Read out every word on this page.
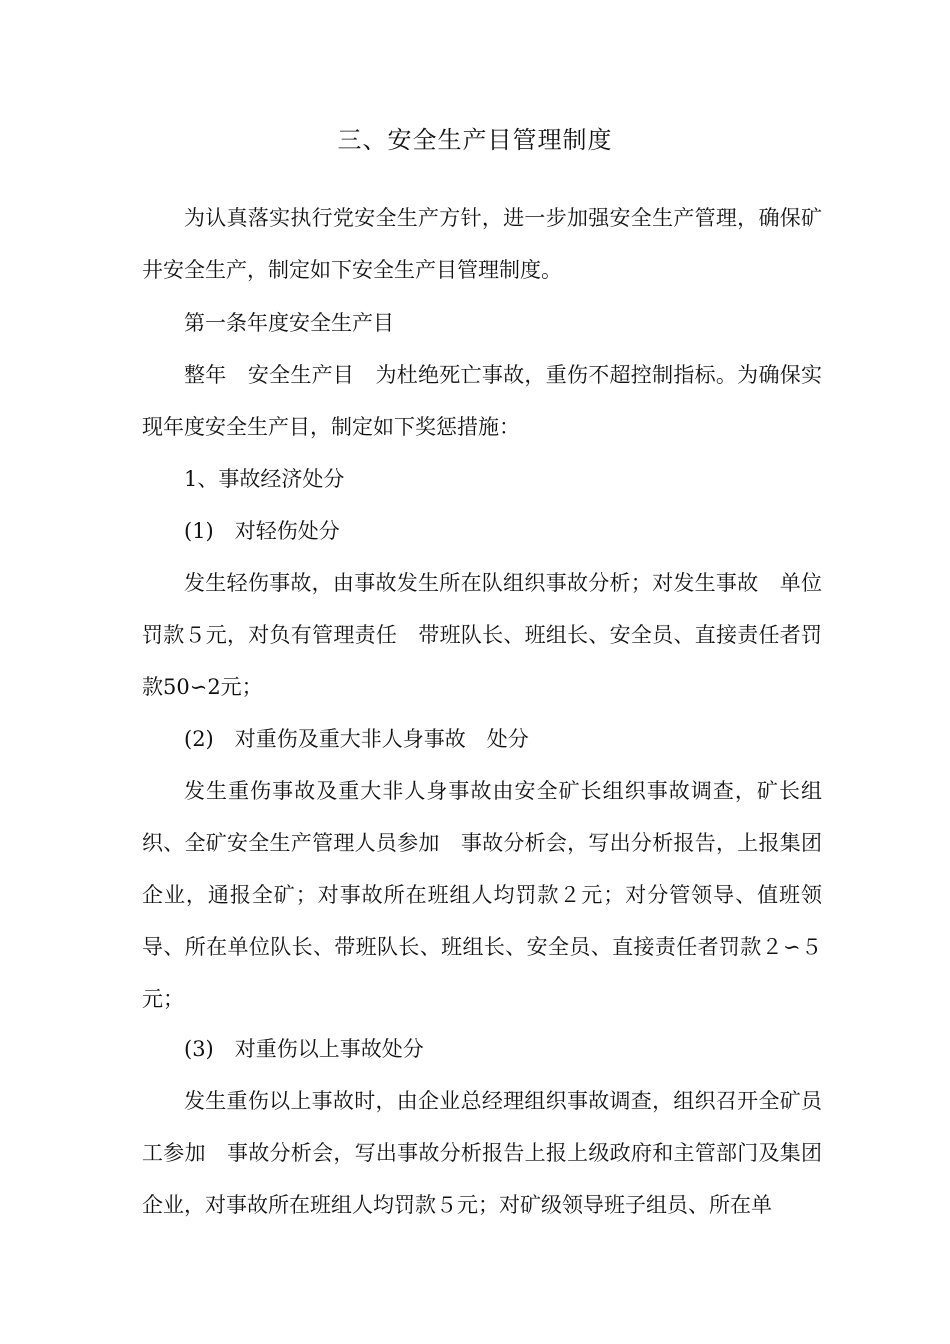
三、安全生产目管理制度

为认真落实执行党安全生产方针，进一步加强安全生产管理，确保矿井安全生产，制定如下安全生产目管理制度。

第一条年度安全生产目

整年　安全生产目　为杜绝死亡事故，重伤不超控制指标。为确保实现年度安全生产目，制定如下奖惩措施：

1、事故经济处分

(1)　对轻伤处分

发生轻伤事故，由事故发生所在队组织事故分析；对发生事故　单位罚款５元，对负有管理责任　带班队长、班组长、安全员、直接责任者罚款50∽2元；

(2)　对重伤及重大非人身事故　处分

发生重伤事故及重大非人身事故由安全矿长组织事故调查，矿长组织、全矿安全生产管理人员参加　事故分析会，写出分析报告，上报集团企业，通报全矿；对事故所在班组人均罚款２元；对分管领导、值班领导、所在单位队长、带班队长、班组长、安全员、直接责任者罚款２∽５元；

(3)　对重伤以上事故处分

发生重伤以上事故时，由企业总经理组织事故调查，组织召开全矿员工参加　事故分析会，写出事故分析报告上报上级政府和主管部门及集团企业，对事故所在班组人均罚款５元；对矿级领导班子组员、所在单
